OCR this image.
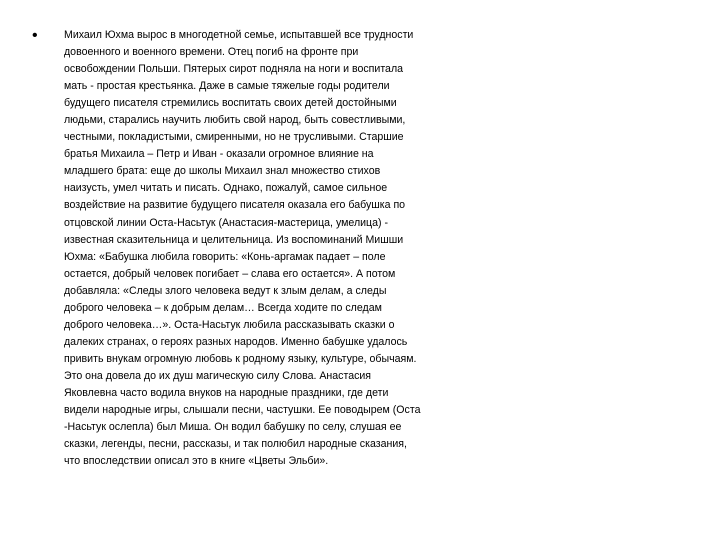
• Михаил Юхма вырос в многодетной семье, испытавшей все трудности
довоенного и военного времени. Отец погиб на фронте при
освобождении Польши. Пятерых сирот подняла на ноги и воспитала
мать - простая крестьянка. Даже в самые тяжелые годы родители
будущего писателя стремились воспитать своих детей достойными
людьми, старались научить любить свой народ, быть совестливыми,
честными, покладистыми, смиренными, но не трусливыми. Старшие
братья Михаила – Петр и Иван - оказали огромное влияние на
младшего брата: еще до школы Михаил знал множество стихов
наизусть, умел читать и писать. Однако, пожалуй, самое сильное
воздействие на развитие будущего писателя оказала его бабушка по
отцовской линии Оста-Насьтук (Анастасия-мастерица, умелица) -
известная сказительница и целительница. Из воспоминаний Мишши
Юхма: «Бабушка любила говорить: «Конь-аргамак падает – поле
остается, добрый человек погибает – слава его остается». А потом
добавляла: «Следы злого человека ведут к злым делам, а следы
доброго человека – к добрым делам… Всегда ходите по следам
доброго человека…». Оста-Насьтук любила рассказывать сказки о
далеких странах, о героях разных народов. Именно бабушке удалось
привить внукам огромную любовь к родному языку, культуре, обычаям.
Это она довела до их душ магическую силу Слова. Анастасия
Яковлевна часто водила внуков на народные праздники, где дети
видели народные игры, слышали песни, частушки. Ее поводырем (Оста
-Насьтук ослепла) был Миша. Он водил бабушку по селу, слушая ее
сказки, легенды, песни, рассказы, и так полюбил народные сказания,
что впоследствии описал это в книге «Цветы Эльби».
